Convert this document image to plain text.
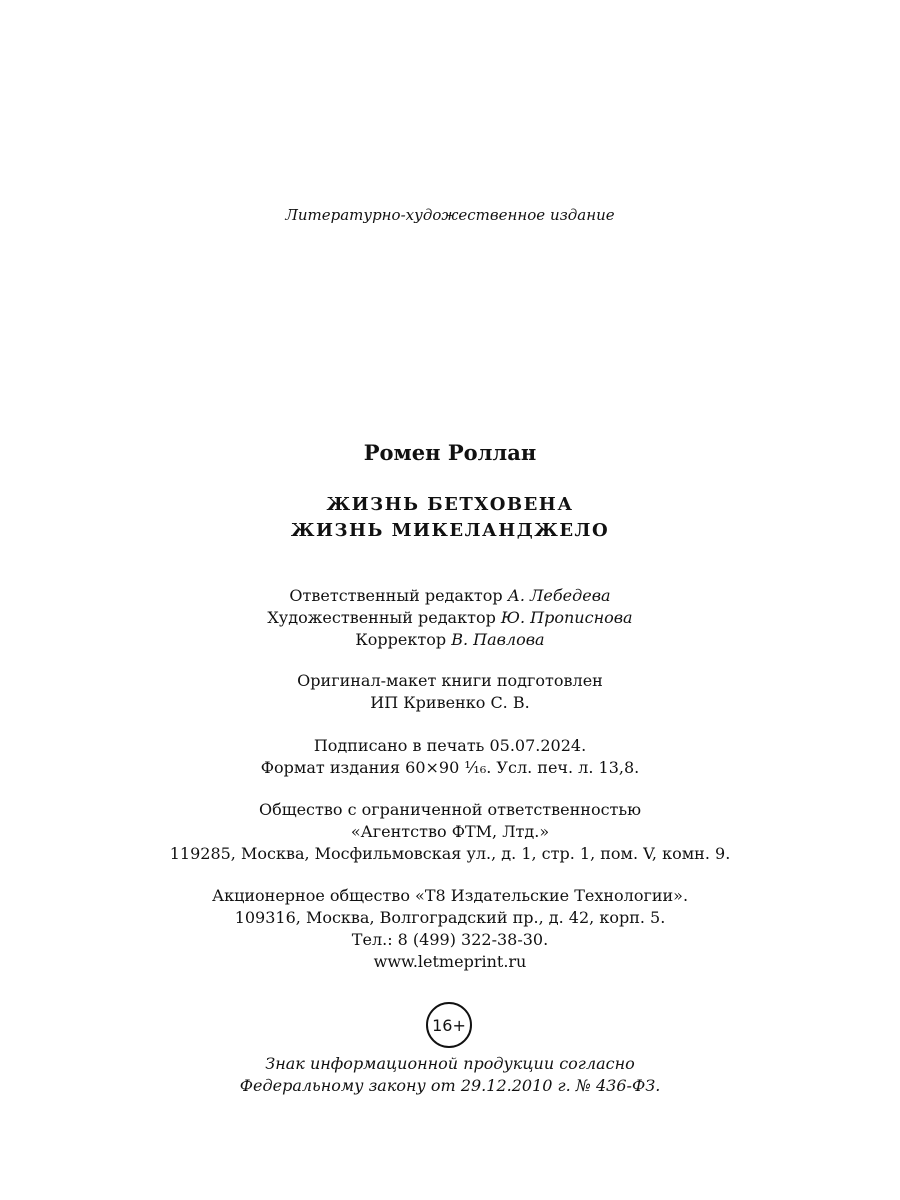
Литературно-художественное издание
Ромен Роллан
ЖИЗНЬ БЕТХОВЕНА
ЖИЗНЬ МИКЕЛАНДЖЕЛО
Ответственный редактор А. Лебедева
Художественный редактор Ю. Прописнова
Корректор В. Павлова
Оригинал-макет книги подготовлен
ИП Кривенко С. В.
Подписано в печать 05.07.2024.
Формат издания 60×90 ¹⁄₁₆. Усл. печ. л. 13,8.
Общество с ограниченной ответственностью
«Агентство ФТМ, Лтд.»
119285, Москва, Мосфильмовская ул., д. 1, стр. 1, пом. V, комн. 9.
Акционерное общество «Т8 Издательские Технологии».
109316, Москва, Волгоградский пр., д. 42, корп. 5.
Тел.: 8 (499) 322-38-30.
www.letmeprint.ru
16+
Знак информационной продукции согласно
Федеральному закону от 29.12.2010 г. № 436-ФЗ.
